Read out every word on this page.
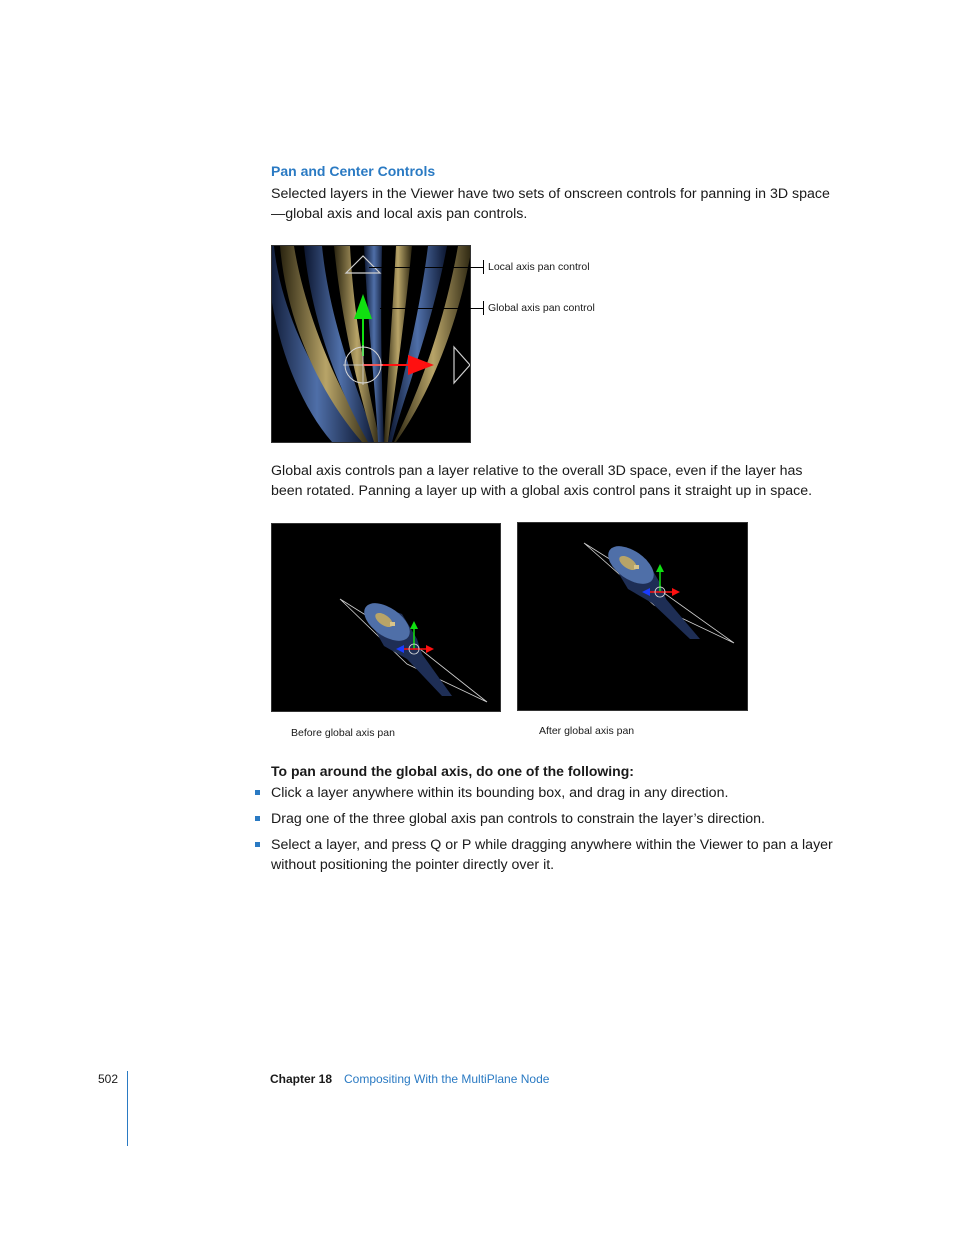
Pan and Center Controls
Selected layers in the Viewer have two sets of onscreen controls for panning in 3D space—global axis and local axis pan controls.
Local axis pan control
Global axis pan control
Global axis controls pan a layer relative to the overall 3D space, even if the layer has been rotated. Panning a layer up with a global axis control pans it straight up in space.
Before global axis pan	After global axis pan
To pan around the global axis, do one of the following:
Click a layer anywhere within its bounding box, and drag in any direction.
Drag one of the three global axis pan controls to constrain the layer’s direction.
Select a layer, and press Q or P while dragging anywhere within the Viewer to pan a layer without positioning the pointer directly over it.
502	Chapter 18 Compositing With the MultiPlane Node
